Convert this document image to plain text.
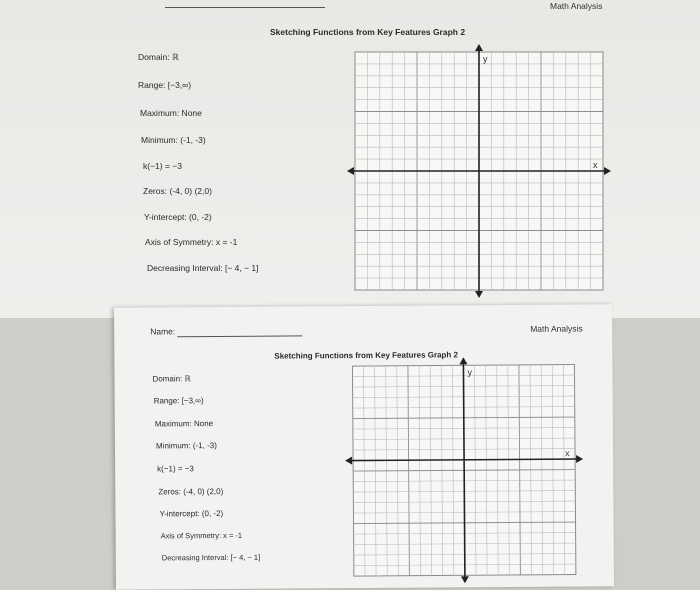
Math Analysis
Sketching Functions from Key Features Graph 2
Domain: ℝ
Range: [−3,∞)
Maximum: None
Minimum: (-1, -3)
k(−1) = −3
Zeros: (-4, 0) (2,0)
Y-intercept: (0, -2)
Axis of Symmetry: x = -1
Decreasing Interval: [− 4, − 1]
x
y
Name:	Math Analysis
Sketching Functions from Key Features Graph 2
Domain: ℝ
Range: [−3,∞)
Maximum: None
Minimum: (-1, -3)
k(−1) = −3
Zeros: (-4, 0) (2,0)
Y-intercept: (0, -2)
Axis of Symmetry: x = -1
Decreasing Interval: [− 4, − 1]
x
y
